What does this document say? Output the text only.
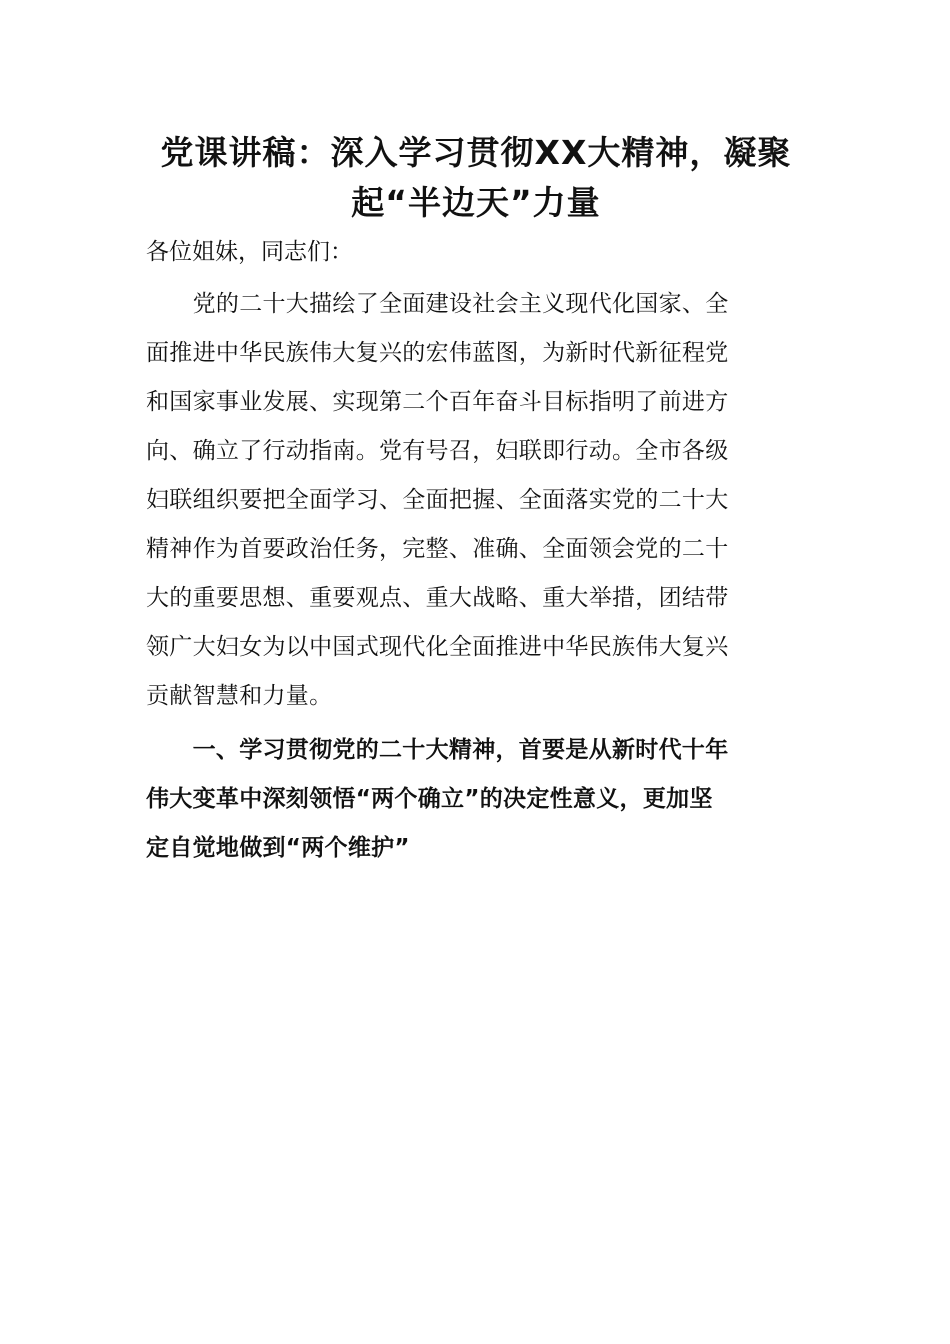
党课讲稿：深入学习贯彻XX大精神，凝聚
起“半边天”力量
各位姐妹，同志们：
　　党的二十大描绘了全面建设社会主义现代化国家、全
面推进中华民族伟大复兴的宏伟蓝图，为新时代新征程党
和国家事业发展、实现第二个百年奋斗目标指明了前进方
向、确立了行动指南。党有号召，妇联即行动。全市各级
妇联组织要把全面学习、全面把握、全面落实党的二十大
精神作为首要政治任务，完整、准确、全面领会党的二十
大的重要思想、重要观点、重大战略、重大举措，团结带
领广大妇女为以中国式现代化全面推进中华民族伟大复兴
贡献智慧和力量。
　　一、学习贯彻党的二十大精神，首要是从新时代十年
伟大变革中深刻领悟“两个确立”的决定性意义，更加坚
定自觉地做到“两个维护”
